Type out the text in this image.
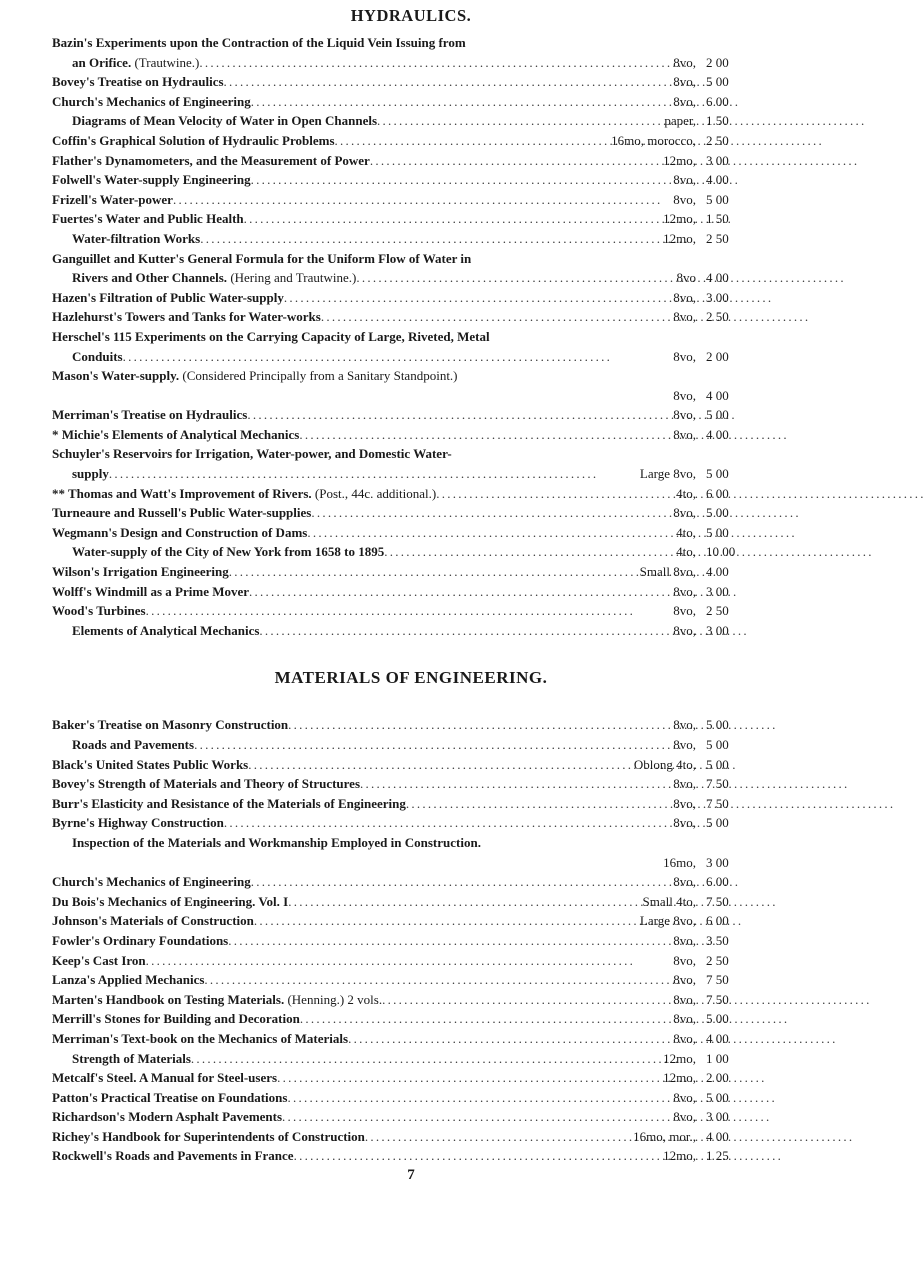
HYDRAULICS.
Bazin's Experiments upon the Contraction of the Liquid Vein Issuing from
an Orifice. (Trautwine.) . . .	8vo, 2 00
Bovey's Treatise on Hydraulics . . .	8vo, 5 00
Church's Mechanics of Engineering . . .	8vo, 6 00
Diagrams of Mean Velocity of Water in Open Channels . . .	paper, 1 50
Coffin's Graphical Solution of Hydraulic Problems . . .	16mo, morocco, 2 50
Flather's Dynamometers, and the Measurement of Power . . .	12mo, 3 00
Folwell's Water-supply Engineering . . .	8vo, 4 00
Frizell's Water-power . . .	8vo, 5 00
Fuertes's Water and Public Health . . .	12mo, 1 50
Water-filtration Works . . .	12mo, 2 50
Ganguillet and Kutter's General Formula for the Uniform Flow of Water in
Rivers and Other Channels. (Hering and Trautwine.) . . .	8vo 4 00
Hazen's Filtration of Public Water-supply . . .	8vo, 3 00
Hazlehurst's Towers and Tanks for Water-works . . .	8vo, 2 50
Herschel's 115 Experiments on the Carrying Capacity of Large, Riveted, Metal
Conduits . . .	8vo, 2 00
Mason's Water-supply. (Considered Principally from a Sanitary Standpoint.)
8vo, 4 00
Merriman's Treatise on Hydraulics . . .	8vo, 5 00
* Michie's Elements of Analytical Mechanics . . .	8vo, 4 00
Schuyler's Reservoirs for Irrigation, Water-power, and Domestic Water-
supply . . .	Large 8vo, 5 00
** Thomas and Watt's Improvement of Rivers. (Post., 44c. additional.) . . .	4to, 6 00
Turneaure and Russell's Public Water-supplies . . .	8vo, 5 00
Wegmann's Design and Construction of Dams . . .	4to, 5 00
Water-supply of the City of New York from 1658 to 1895 . . .	4to, 10 00
Wilson's Irrigation Engineering . . .	Small 8vo, 4 00
Wolff's Windmill as a Prime Mover . . .	8vo, 3 00
Wood's Turbines . . .	8vo, 2 50
Elements of Analytical Mechanics . . .	8vo, 3 00
MATERIALS OF ENGINEERING.
Baker's Treatise on Masonry Construction . . .	8vo, 5 00
Roads and Pavements . . .	8vo, 5 00
Black's United States Public Works . . .	Oblong 4to, 5 00
Bovey's Strength of Materials and Theory of Structures . . .	8vo, 7 50
Burr's Elasticity and Resistance of the Materials of Engineering . . .	8vo, 7 50
Byrne's Highway Construction . . .	8vo, 5 00
Inspection of the Materials and Workmanship Employed in Construction.
16mo, 3 00
Church's Mechanics of Engineering . . .	8vo, 6 00
Du Bois's Mechanics of Engineering. Vol. I . . .	Small 4to, 7 50
Johnson's Materials of Construction . . .	Large 8vo, 6 00
Fowler's Ordinary Foundations . . .	8vo, 3 50
Keep's Cast Iron . . .	8vo, 2 50
Lanza's Applied Mechanics . . .	8vo, 7 50
Marten's Handbook on Testing Materials. (Henning.) 2 vols. . . .	8vo, 7 50
Merrill's Stones for Building and Decoration . . .	8vo, 5 00
Merriman's Text-book on the Mechanics of Materials . . .	8vo, 4 00
Strength of Materials . . .	12mo, 1 00
Metcalf's Steel. A Manual for Steel-users . . .	12mo, 2 00
Patton's Practical Treatise on Foundations . . .	8vo, 5 00
Richardson's Modern Asphalt Pavements . . .	8vo, 3 00
Richey's Handbook for Superintendents of Construction . . .	16mo, mor., 4 00
Rockwell's Roads and Pavements in France . . .	12mo, 1 25
7
